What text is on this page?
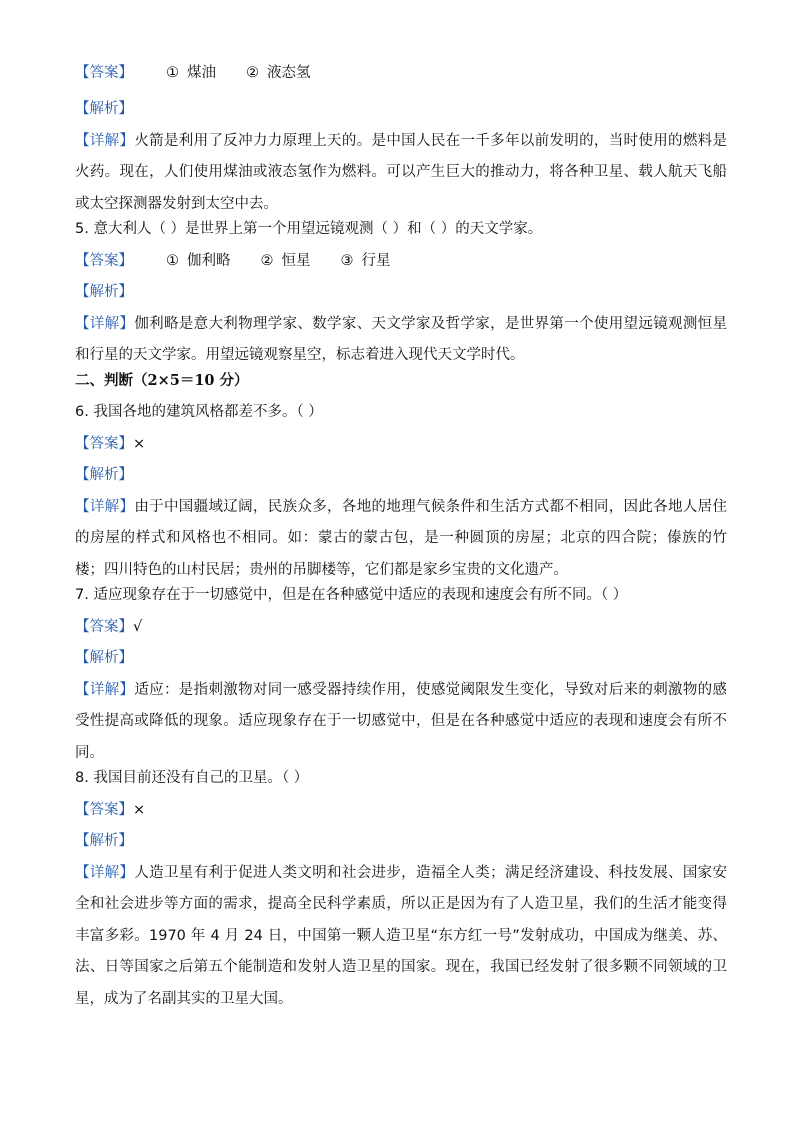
【答案】 ① 煤油 ② 液态氢
【解析】
【详解】火箭是利用了反冲力力原理上天的。是中国人民在一千多年以前发明的，当时使用的燃料是火药。现在，人们使用煤油或液态氢作为燃料。可以产生巨大的推动力，将各种卫星、载人航天飞船或太空探测器发射到太空中去。
5. 意大利人（ ）是世界上第一个用望远镜观测（ ）和（ ）的天文学家。
【答案】 ① 伽利略 ② 恒星 ③ 行星
【解析】
【详解】伽利略是意大利物理学家、数学家、天文学家及哲学家，是世界第一个使用望远镜观测恒星和行星的天文学家。用望远镜观察星空，标志着进入现代天文学时代。
二、判断（2×5＝10 分）
6. 我国各地的建筑风格都差不多。（ ）
【答案】×
【解析】
【详解】由于中国疆域辽阔，民族众多，各地的地理气候条件和生活方式都不相同，因此各地人居住的房屋的样式和风格也不相同。如：蒙古的蒙古包，是一种圆顶的房屋；北京的四合院；傣族的竹楼；四川特色的山村民居；贵州的吊脚楼等，它们都是家乡宝贵的文化遗产。
7. 适应现象存在于一切感觉中，但是在各种感觉中适应的表现和速度会有所不同。（ ）
【答案】√
【解析】
【详解】适应：是指刺激物对同一感受器持续作用，使感觉阈限发生变化，导致对后来的刺激物的感受性提高或降低的现象。适应现象存在于一切感觉中，但是在各种感觉中适应的表现和速度会有所不同。
8. 我国目前还没有自己的卫星。（ ）
【答案】×
【解析】
【详解】人造卫星有利于促进人类文明和社会进步，造福全人类；满足经济建设、科技发展、国家安全和社会进步等方面的需求，提高全民科学素质，所以正是因为有了人造卫星，我们的生活才能变得丰富多彩。1970 年 4 月 24 日，中国第一颗人造卫星“东方红一号”发射成功，中国成为继美、苏、法、日等国家之后第五个能制造和发射人造卫星的国家。现在，我国已经发射了很多颗不同领域的卫星，成为了名副其实的卫星大国。
